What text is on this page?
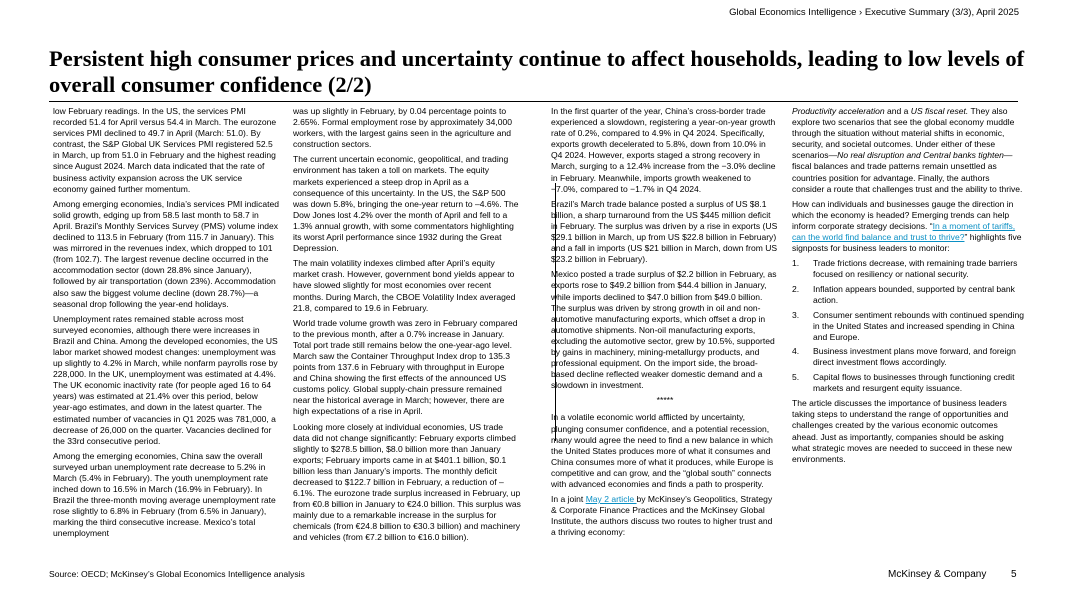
Global Economics Intelligence › Executive Summary (3/3), April 2025
Persistent high consumer prices and uncertainty continue to affect households, leading to low levels of overall consumer confidence (2/2)

low February readings. In the US, the services PMI recorded 51.4 for April versus 54.4 in March. The eurozone services PMI declined to 49.7 in April (March: 51.0). By contrast, the S&P Global UK Services PMI registered 52.5 in March, up from 51.0 in February and the highest reading since August 2024. March data indicated that the rate of business activity expansion across the UK service economy gained further momentum.

Among emerging economies, India’s services PMI indicated solid growth, edging up from 58.5 last month to 58.7 in April. Brazil’s Monthly Services Survey (PMS) volume index declined to 113.5 in February (from 115.7 in January). This was mirrored in the revenues index, which dropped to 101 (from 102.7). The largest revenue decline occurred in the accommodation sector (down 28.8% since January), followed by air transportation (down 23%). Accommodation also saw the biggest volume decline (down 28.7%)—a seasonal drop following the year-end holidays.

Unemployment rates remained stable across most surveyed economies, although there were increases in Brazil and China. Among the developed economies, the US labor market showed modest changes: unemployment was up slightly to 4.2% in March, while nonfarm payrolls rose by 228,000. In the UK, unemployment was estimated at 4.4%. The UK economic inactivity rate (for people aged 16 to 64 years) was estimated at 21.4% over this period, below year-ago estimates, and down in the latest quarter. The estimated number of vacancies in Q1 2025 was 781,000, a decrease of 26,000 on the quarter. Vacancies declined for the 33rd consecutive period.

Among the emerging economies, China saw the overall surveyed urban unemployment rate decrease to 5.2% in March (5.4% in February). The youth unemployment rate inched down to 16.5% in March (16.9% in February). In Brazil the three-month moving average unemployment rate rose slightly to 6.8% in February (from 6.5% in January), marking the third consecutive increase. Mexico’s total unemployment

was up slightly in February, by 0.04 percentage points to 2.65%. Formal employment rose by approximately 34,000 workers, with the largest gains seen in the agriculture and construction sectors.

The current uncertain economic, geopolitical, and trading environment has taken a toll on markets. The equity markets experienced a steep drop in April as a consequence of this uncertainty. In the US, the S&P 500 was down 5.8%, bringing the one-year return to –4.6%. The Dow Jones lost 4.2% over the month of April and fell to a 1.3% annual growth, with some commentators highlighting its worst April performance since 1932 during the Great Depression.

The main volatility indexes climbed after April’s equity market crash. However, government bond yields appear to have slowed slightly for most economies over recent months. During March, the CBOE Volatility Index averaged 21.8, compared to 19.6 in February.

World trade volume growth was zero in February compared to the previous month, after a 0.7% increase in January. Total port trade still remains below the one-year-ago level. March saw the Container Throughput Index drop to 135.3 points from 137.6 in February with throughput in Europe and China showing the first effects of the announced US customs policy. Global supply-chain pressure remained near the historical average in March; however, there are high expectations of a rise in April.

Looking more closely at individual economies, US trade data did not change significantly: February exports climbed slightly to $278.5 billion, $8.0 billion more than January exports; February imports came in at $401.1 billion, $0.1 billion less than January’s imports. The monthly deficit decreased to $122.7 billion in February, a reduction of –6.1%. The eurozone trade surplus increased in February, up from €0.8 billion in January to €24.0 billion. This surplus was mainly due to a remarkable increase in the surplus for chemicals (from €24.8 billion to €30.3 billion) and machinery and vehicles (from €7.2 billion to €16.0 billion).

In the first quarter of the year, China’s cross-border trade experienced a slowdown, registering a year-on-year growth rate of 0.2%, compared to 4.9% in Q4 2024. Specifically, exports growth decelerated to 5.8%, down from 10.0% in Q4 2024. However, exports staged a strong recovery in March, surging to a 12.4% increase from the −3.0% decline in February. Meanwhile, imports growth weakened to −7.0%, compared to −1.7% in Q4 2024.

Brazil’s March trade balance posted a surplus of US $8.1 billion, a sharp turnaround from the US $445 million deficit in February. The surplus was driven by a rise in exports (US $29.1 billion in March, up from US $22.8 billion in February) and a fall in imports (US $21 billion in March, down from US $23.2 billion in February).

Mexico posted a trade surplus of $2.2 billion in February, as exports rose to $49.2 billion from $44.4 billion in January, while imports declined to $47.0 billion from $49.0 billion. The surplus was driven by strong growth in oil and non-automotive manufacturing exports, which offset a drop in automotive shipments. Non-oil manufacturing exports, excluding the automotive sector, grew by 10.5%, supported by gains in machinery, mining-metallurgy products, and professional equipment. On the import side, the broad-based decline reflected weaker domestic demand and a slowdown in investment.

*****

In a volatile economic world afflicted by uncertainty, plunging consumer confidence, and a potential recession, many would agree the need to find a new balance in which the United States produces more of what it consumes and China consumes more of what it produces, while Europe is competitive and can grow, and the “global south” connects with advanced economies and finds a path to prosperity.

In a joint May 2 article by McKinsey’s Geopolitics, Strategy & Corporate Finance Practices and the McKinsey Global Institute, the authors discuss two routes to higher trust and a thriving economy:

Productivity acceleration and a US fiscal reset. They also explore two scenarios that see the global economy muddle through the situation without material shifts in economic, security, and societal outcomes. Under either of these scenarios—No real disruption and Central banks tighten—fiscal balances and trade patterns remain unsettled as countries position for advantage. Finally, the authors consider a route that challenges trust and the ability to thrive.

How can individuals and businesses gauge the direction in which the economy is headed? Emerging trends can help inform corporate strategy decisions. “In a moment of tariffs, can the world find balance and trust to thrive?” highlights five signposts for business leaders to monitor:

1.	Trade frictions decrease, with remaining trade barriers focused on resiliency or national security.
2.	Inflation appears bounded, supported by central bank action.
3.	Consumer sentiment rebounds with continued spending in the United States and increased spending in China and Europe.
4.	Business investment plans move forward, and foreign direct investment flows accordingly.
5.	Capital flows to businesses through functioning credit markets and resurgent equity issuance.

The article discusses the importance of business leaders taking steps to understand the range of opportunities and challenges created by the various economic outcomes ahead. Just as importantly, companies should be asking what strategic moves are needed to succeed in these new environments.

Source: OECD; McKinsey’s Global Economics Intelligence analysis	McKinsey & Company 5
